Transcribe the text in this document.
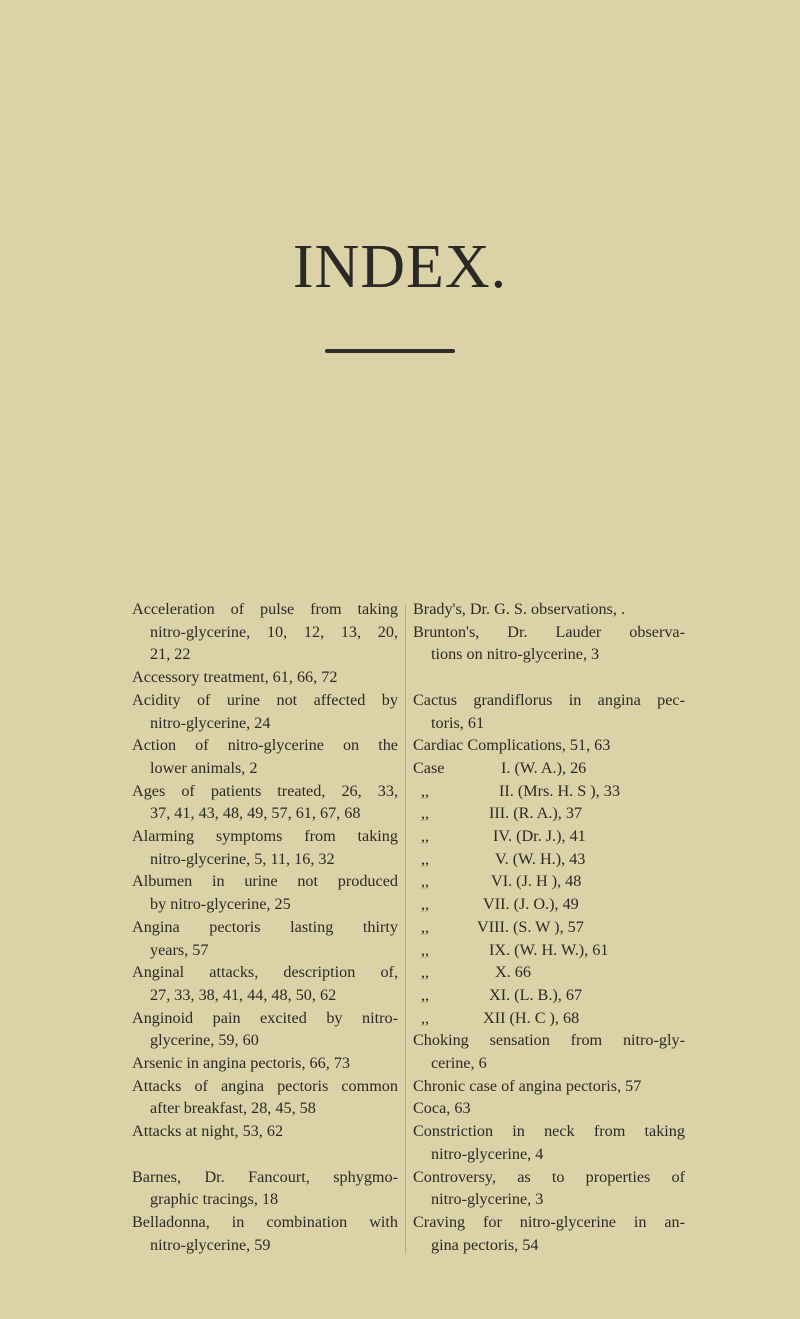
INDEX.
Acceleration of pulse from taking
nitro-glycerine, 10, 12, 13, 20,
21, 22
Accessory treatment, 61, 66, 72
Acidity of urine not affected by
nitro-glycerine, 24
Action of nitro-glycerine on the
lower animals, 2
Ages of patients treated, 26, 33,
37, 41, 43, 48, 49, 57, 61, 67, 68
Alarming symptoms from taking
nitro-glycerine, 5, 11, 16, 32
Albumen in urine not produced
by nitro-glycerine, 25
Angina pectoris lasting thirty
years, 57
Anginal attacks, description of,
27, 33, 38, 41, 44, 48, 50, 62
Anginoid pain excited by nitro-
glycerine, 59, 60
Arsenic in angina pectoris, 66, 73
Attacks of angina pectoris common
after breakfast, 28, 45, 58
Attacks at night, 53, 62
Barnes, Dr. Fancourt, sphygmo-
graphic tracings, 18
Belladonna, in combination with
nitro-glycerine, 59
Brady's, Dr. G. S. observations, .
Brunton's, Dr. Lauder observa-
tions on nitro-glycerine, 3
Cactus grandiflorus in angina pec-
toris, 61
Cardiac Complications, 51, 63
Case	I. (W. A.), 26
,,	II. (Mrs. H. S ), 33
,,	III. (R. A.), 37
,,	IV. (Dr. J.), 41
,,	V. (W. H.), 43
,,	VI. (J. H ), 48
,,	VII. (J. O.), 49
,,	VIII. (S. W ), 57
,,	IX. (W. H. W.), 61
,,	X. 66
,,	XI. (L. B.), 67
,,	XII (H. C ), 68
Choking sensation from nitro-gly-
cerine, 6
Chronic case of angina pectoris, 57
Coca, 63
Constriction in neck from taking
nitro-glycerine, 4
Controversy, as to properties of
nitro-glycerine, 3
Craving for nitro-glycerine in an-
gina pectoris, 54
